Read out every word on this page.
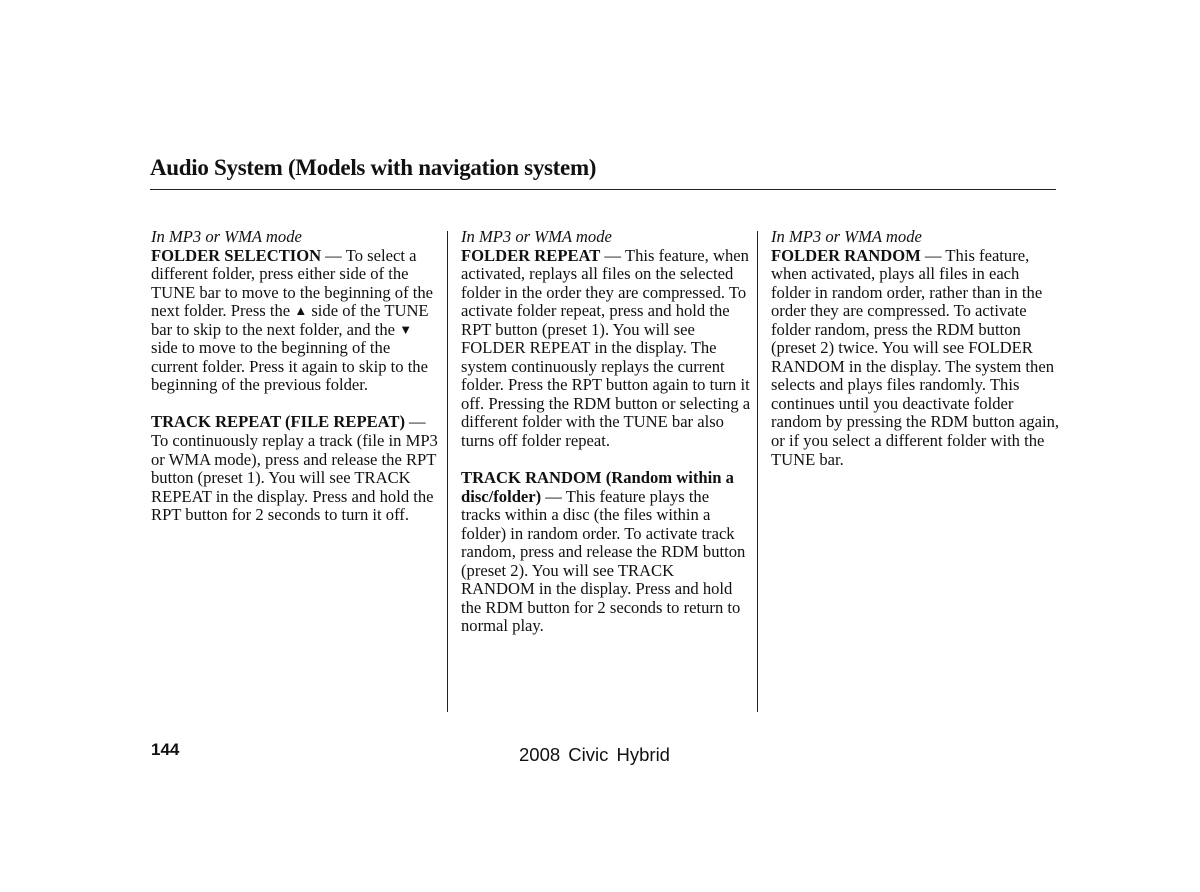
Audio System (Models with navigation system)
In MP3 or WMA mode
FOLDER SELECTION — To select a different folder, press either side of the TUNE bar to move to the beginning of the next folder. Press the ▲ side of the TUNE bar to skip to the next folder, and the ▼ side to move to the beginning of the current folder. Press it again to skip to the beginning of the previous folder.
TRACK REPEAT (FILE REPEAT) —To continuously replay a track (file in MP3 or WMA mode), press and release the RPT button (preset 1). You will see TRACK REPEAT in the display. Press and hold the RPT button for 2 seconds to turn it off.
In MP3 or WMA mode
FOLDER REPEAT — This feature, when activated, replays all files on the selected folder in the order they are compressed. To activate folder repeat, press and hold the RPT button (preset 1). You will see FOLDER REPEAT in the display. The system continuously replays the current folder. Press the RPT button again to turn it off. Pressing the RDM button or selecting a different folder with the TUNE bar also turns off folder repeat.
TRACK RANDOM (Random within a disc/folder) — This feature plays the tracks within a disc (the files within a folder) in random order. To activate track random, press and release the RDM button (preset 2). You will see TRACK RANDOM in the display. Press and hold the RDM button for 2 seconds to return to normal play.
In MP3 or WMA mode
FOLDER RANDOM — This feature, when activated, plays all files in each folder in random order, rather than in the order they are compressed. To activate folder random, press the RDM button (preset 2) twice. You will see FOLDER RANDOM in the display. The system then selects and plays files randomly. This continues until you deactivate folder random by pressing the RDM button again, or if you select a different folder with the TUNE bar.
144	2008 Civic Hybrid
